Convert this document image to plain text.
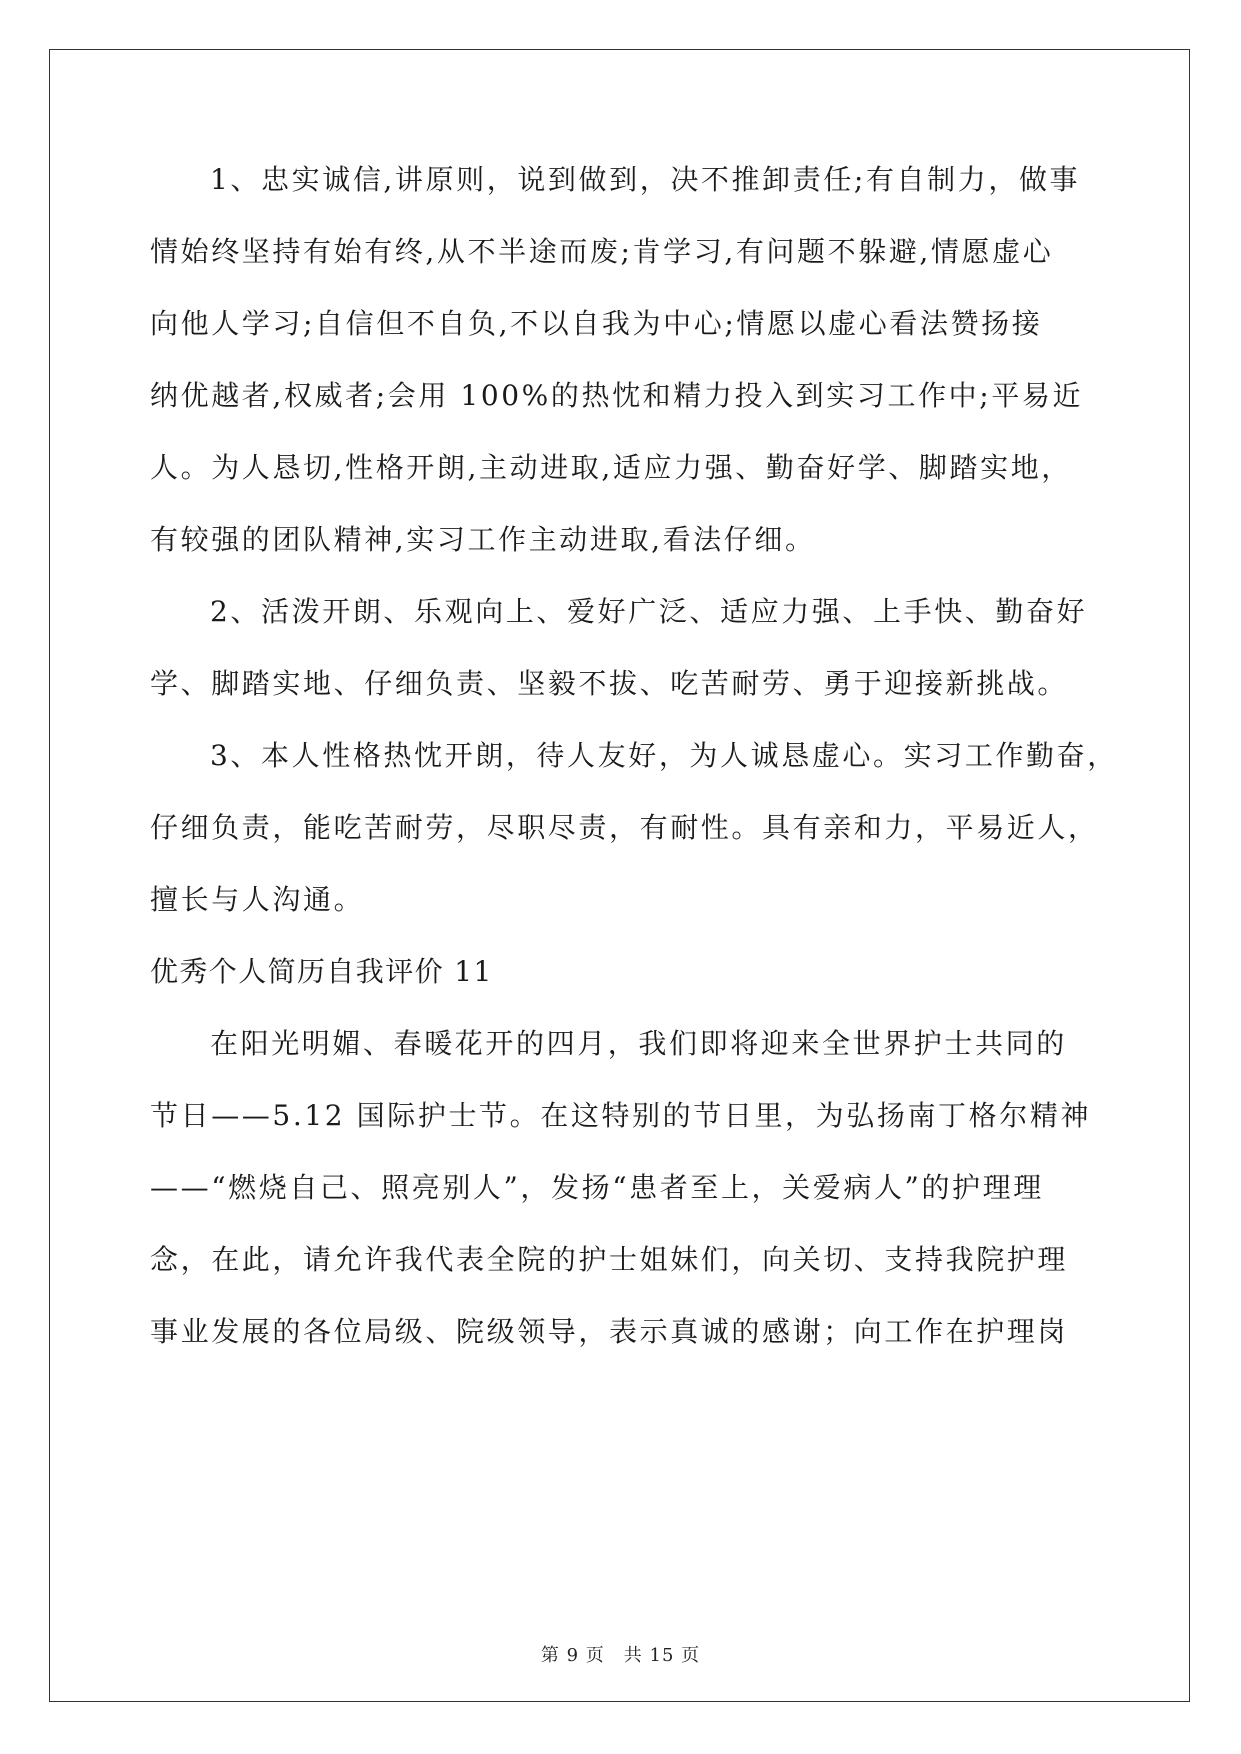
1、忠实诚信,讲原则，说到做到，决不推卸责任;有自制力，做事
情始终坚持有始有终,从不半途而废;肯学习,有问题不躲避,情愿虚心
向他人学习;自信但不自负,不以自我为中心;情愿以虚心看法赞扬接
纳优越者,权威者;会用 100%的热忱和精力投入到实习工作中;平易近
人。为人恳切,性格开朗,主动进取,适应力强、勤奋好学、脚踏实地，
有较强的团队精神,实习工作主动进取,看法仔细。
2、活泼开朗、乐观向上、爱好广泛、适应力强、上手快、勤奋好
学、脚踏实地、仔细负责、坚毅不拔、吃苦耐劳、勇于迎接新挑战。
3、本人性格热忱开朗，待人友好，为人诚恳虚心。实习工作勤奋，
仔细负责，能吃苦耐劳，尽职尽责，有耐性。具有亲和力，平易近人，
擅长与人沟通。
优秀个人简历自我评价 11
在阳光明媚、春暖花开的四月，我们即将迎来全世界护士共同的
节日——5.12 国际护士节。在这特别的节日里，为弘扬南丁格尔精神
——“燃烧自己、照亮别人”，发扬“患者至上，关爱病人”的护理理
念，在此，请允许我代表全院的护士姐妹们，向关切、支持我院护理
事业发展的各位局级、院级领导，表示真诚的感谢；向工作在护理岗
第 9 页　共 15 页
